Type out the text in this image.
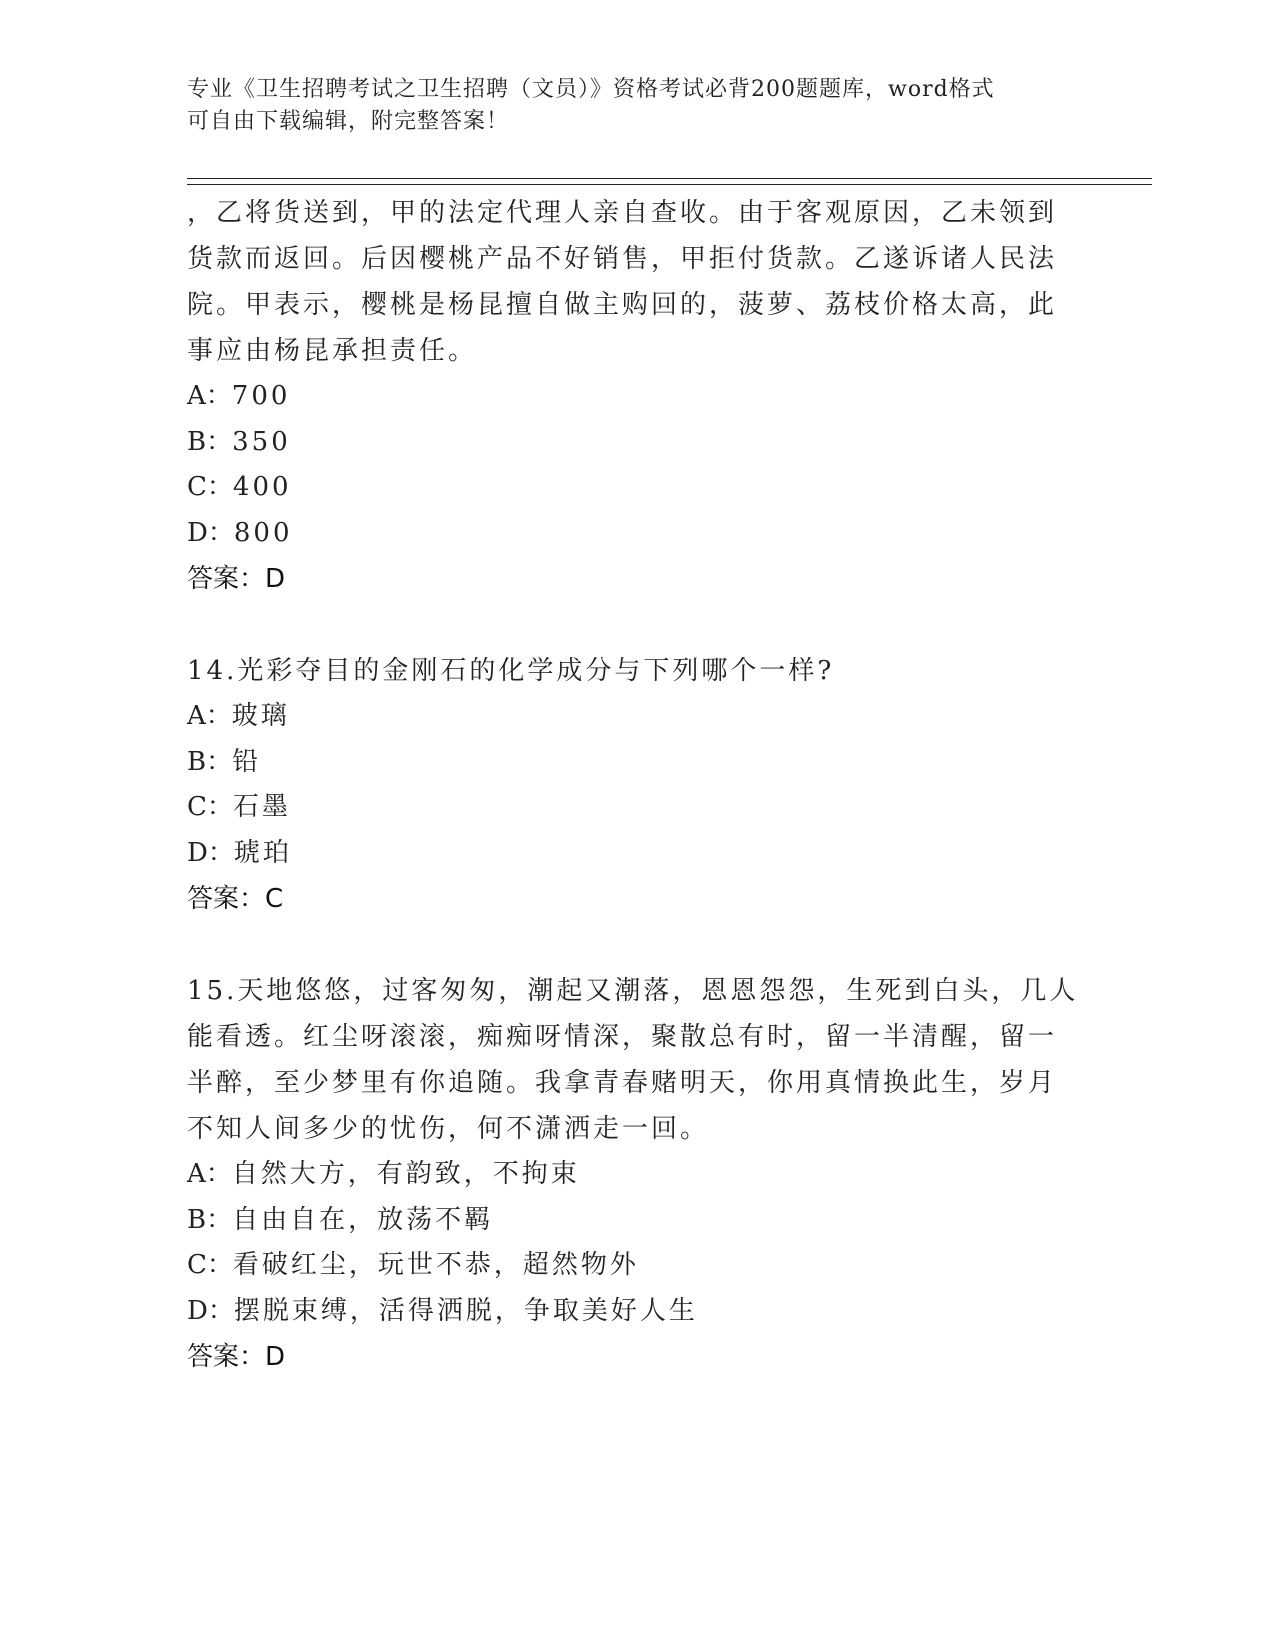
专业《卫生招聘考试之卫生招聘（文员）》资格考试必背200题题库，word格式
可自由下载编辑，附完整答案！

，乙将货送到，甲的法定代理人亲自查收。由于客观原因，乙未领到
货款而返回。后因樱桃产品不好销售，甲拒付货款。乙遂诉诸人民法
院。甲表示，樱桃是杨昆擅自做主购回的，菠萝、荔枝价格太高，此
事应由杨昆承担责任。

A：700

B：350

C：400

D：800

答案：D

14.光彩夺目的金刚石的化学成分与下列哪个一样?

A：玻璃

B：铅

C：石墨

D：琥珀

答案：C

15.天地悠悠，过客匆匆，潮起又潮落，恩恩怨怨，生死到白头，几人
能看透。红尘呀滚滚，痴痴呀情深，聚散总有时，留一半清醒，留一
半醉，至少梦里有你追随。我拿青春赌明天，你用真情换此生，岁月
不知人间多少的忧伤，何不潇洒走一回。

A：自然大方，有韵致，不拘束

B：自由自在，放荡不羁

C：看破红尘，玩世不恭，超然物外

D：摆脱束缚，活得洒脱，争取美好人生

答案：D
